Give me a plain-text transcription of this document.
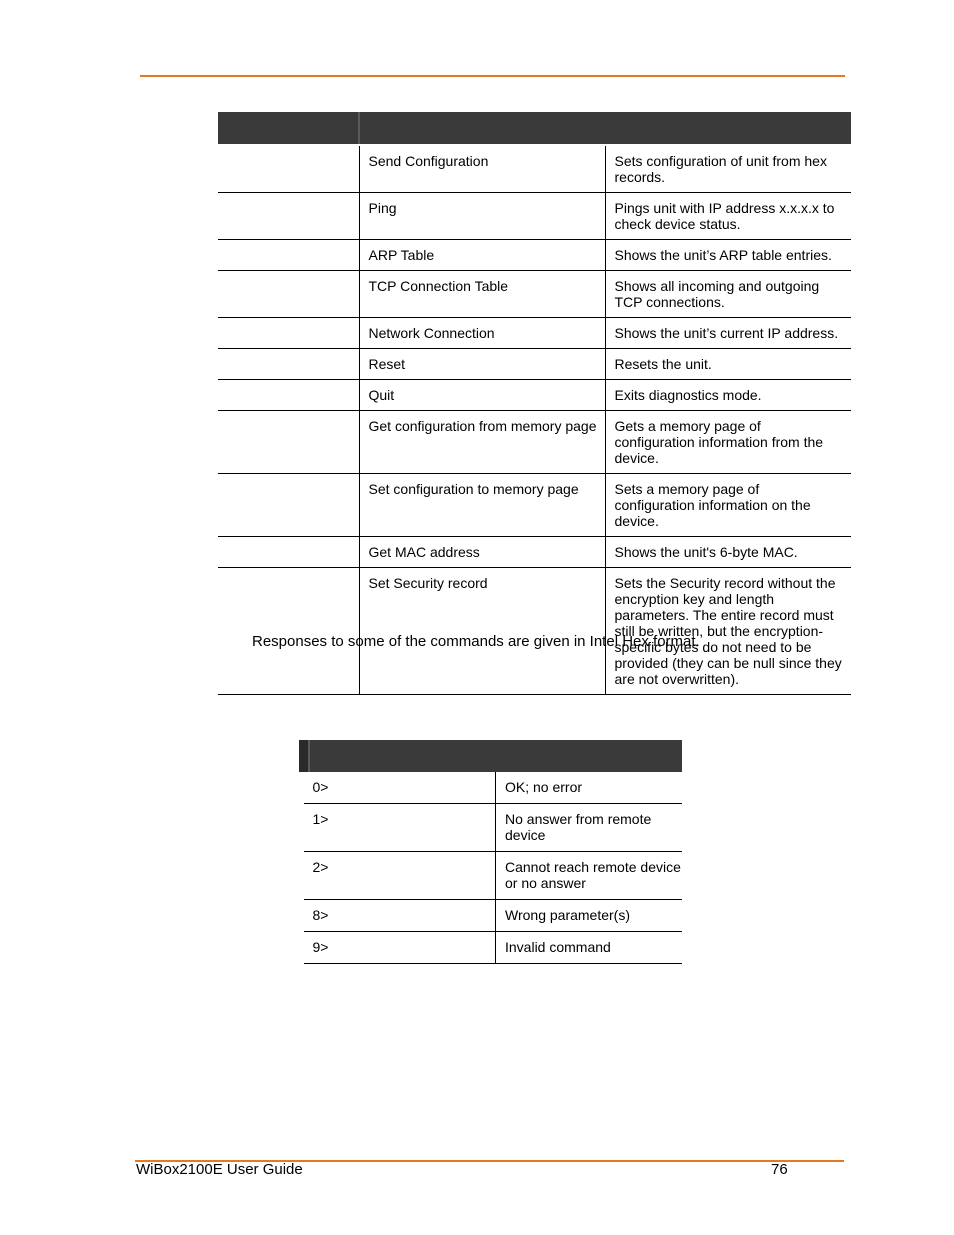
	Send Configuration	Sets configuration of unit from hex records.
	Ping	Pings unit with IP address x.x.x.x to check device status.
	ARP Table	Shows the unit’s ARP table entries.
	TCP Connection Table	Shows all incoming and outgoing TCP connections.
	Network Connection	Shows the unit’s current IP address.
	Reset	Resets the unit.
	Quit	Exits diagnostics mode.
	Get configuration from memory page	Gets a memory page of configuration information from the device.
	Set configuration to memory page	Sets a memory page of configuration information on the device.
	Get MAC address	Shows the unit's 6-byte MAC.
	Set Security record	Sets the Security record without the encryption key and length parameters. The entire record must still be written, but the encryption-specific bytes do not need to be provided (they can be null since they are not overwritten).
Responses to some of the commands are given in Intel Hex format.

0>		OK; no error
1>		No answer from remote device
2>		Cannot reach remote device or no answer
8>		Wrong parameter(s)
9>		Invalid command
WiBox2100E User Guide	76
